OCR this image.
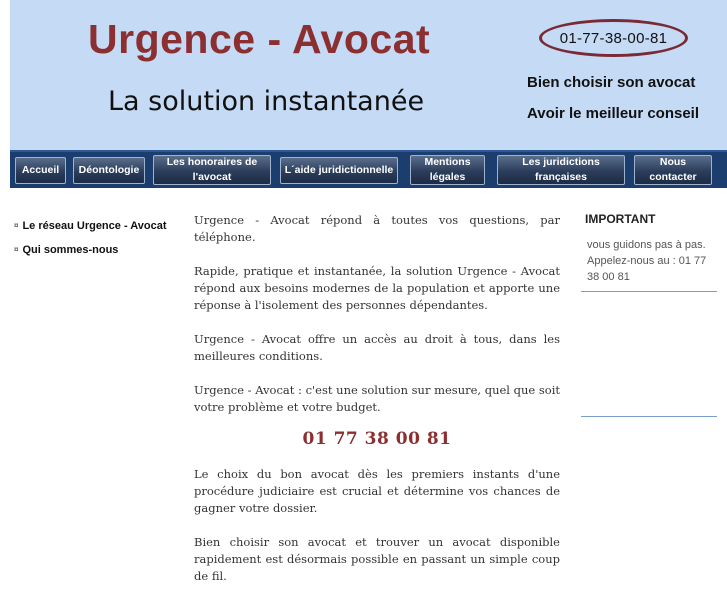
Urgence - Avocat
La solution instantanée
01-77-38-00-81
Bien choisir son avocat
Avoir le meilleur conseil
Accueil	Déontologie
Les honoraires de l'avocat
L´aide juridictionnelle
Mentions légales
Les juridictions françaises
Nous contacter
¤ Le réseau Urgence - Avocat
¤ Qui sommes-nous

Urgence - Avocat répond à toutes vos questions, par téléphone.

Rapide, pratique et instantanée, la solution Urgence - Avocat répond aux besoins modernes de la population et apporte une réponse à l'isolement des personnes dépendantes.

Urgence - Avocat offre un accès au droit à tous, dans les meilleures conditions.

Urgence - Avocat : c'est une solution sur mesure, quel que soit votre problème et votre budget.

01 77 38 00 81

Le choix du bon avocat dès les premiers instants d'une procédure judiciaire est crucial et détermine vos chances de gagner votre dossier.

Bien choisir son avocat et trouver un avocat disponible rapidement est désormais possible en passant un simple coup de fil.

IMPORTANT
vous guidons pas à pas. Appelez-nous au : 01 77 38 00 81
